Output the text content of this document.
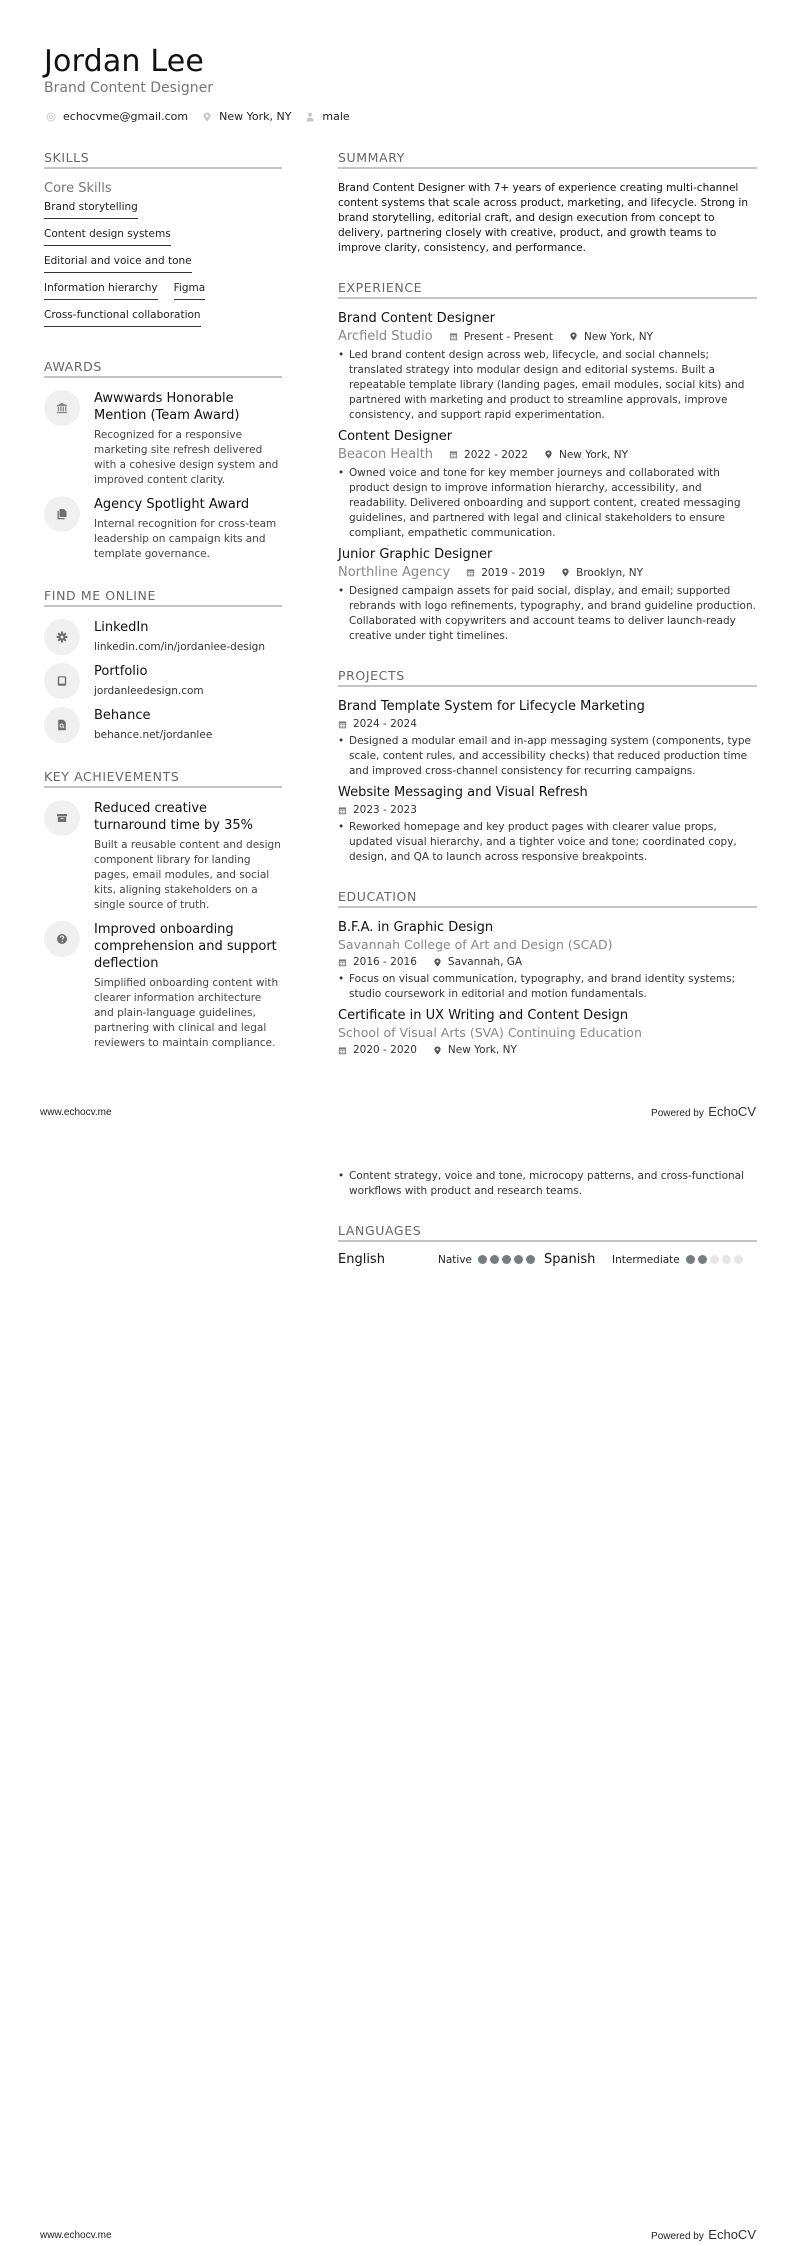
Jordan Lee
Brand Content Designer
echocvme@gmail.com	New York, NY	male
SKILLS
Core Skills
Brand storytelling
Content design systems
Editorial and voice and tone
Information hierarchy Figma
Cross-functional collaboration
AWARDS
Awwwards Honorable Mention (Team Award)
Recognized for a responsive marketing site refresh delivered with a cohesive design system and improved content clarity.
Agency Spotlight Award
Internal recognition for cross-team leadership on campaign kits and template governance.
FIND ME ONLINE
LinkedIn
linkedin.com/in/jordanlee-design
Portfolio
jordanleedesign.com
Behance
behance.net/jordanlee
KEY ACHIEVEMENTS
Reduced creative turnaround time by 35%
Built a reusable content and design component library for landing pages, email modules, and social kits, aligning stakeholders on a single source of truth.
Improved onboarding comprehension and support deflection
Simplified onboarding content with clearer information architecture and plain-language guidelines, partnering with clinical and legal reviewers to maintain compliance.
SUMMARY
Brand Content Designer with 7+ years of experience creating multi-channel content systems that scale across product, marketing, and lifecycle. Strong in brand storytelling, editorial craft, and design execution from concept to delivery, partnering closely with creative, product, and growth teams to improve clarity, consistency, and performance.
EXPERIENCE
Brand Content Designer
Arcfield Studio	Present - Present	New York, NY
• Led brand content design across web, lifecycle, and social channels; translated strategy into modular design and editorial systems. Built a repeatable template library (landing pages, email modules, social kits) and partnered with marketing and product to streamline approvals, improve consistency, and support rapid experimentation.
Content Designer
Beacon Health	2022 - 2022	New York, NY
• Owned voice and tone for key member journeys and collaborated with product design to improve information hierarchy, accessibility, and readability. Delivered onboarding and support content, created messaging guidelines, and partnered with legal and clinical stakeholders to ensure compliant, empathetic communication.
Junior Graphic Designer
Northline Agency	2019 - 2019	Brooklyn, NY
• Designed campaign assets for paid social, display, and email; supported rebrands with logo refinements, typography, and brand guideline production. Collaborated with copywriters and account teams to deliver launch-ready creative under tight timelines.
PROJECTS
Brand Template System for Lifecycle Marketing
2024 - 2024
• Designed a modular email and in-app messaging system (components, type scale, content rules, and accessibility checks) that reduced production time and improved cross-channel consistency for recurring campaigns.
Website Messaging and Visual Refresh
2023 - 2023
• Reworked homepage and key product pages with clearer value props, updated visual hierarchy, and a tighter voice and tone; coordinated copy, design, and QA to launch across responsive breakpoints.
EDUCATION
B.F.A. in Graphic Design
Savannah College of Art and Design (SCAD)
2016 - 2016	Savannah, GA
• Focus on visual communication, typography, and brand identity systems; studio coursework in editorial and motion fundamentals.
Certificate in UX Writing and Content Design
School of Visual Arts (SVA) Continuing Education
2020 - 2020	New York, NY
www.echocv.me	Powered by EchoCV
• Content strategy, voice and tone, microcopy patterns, and cross-functional workflows with product and research teams.
LANGUAGES
English	Native	Spanish	Intermediate
www.echocv.me	Powered by EchoCV
